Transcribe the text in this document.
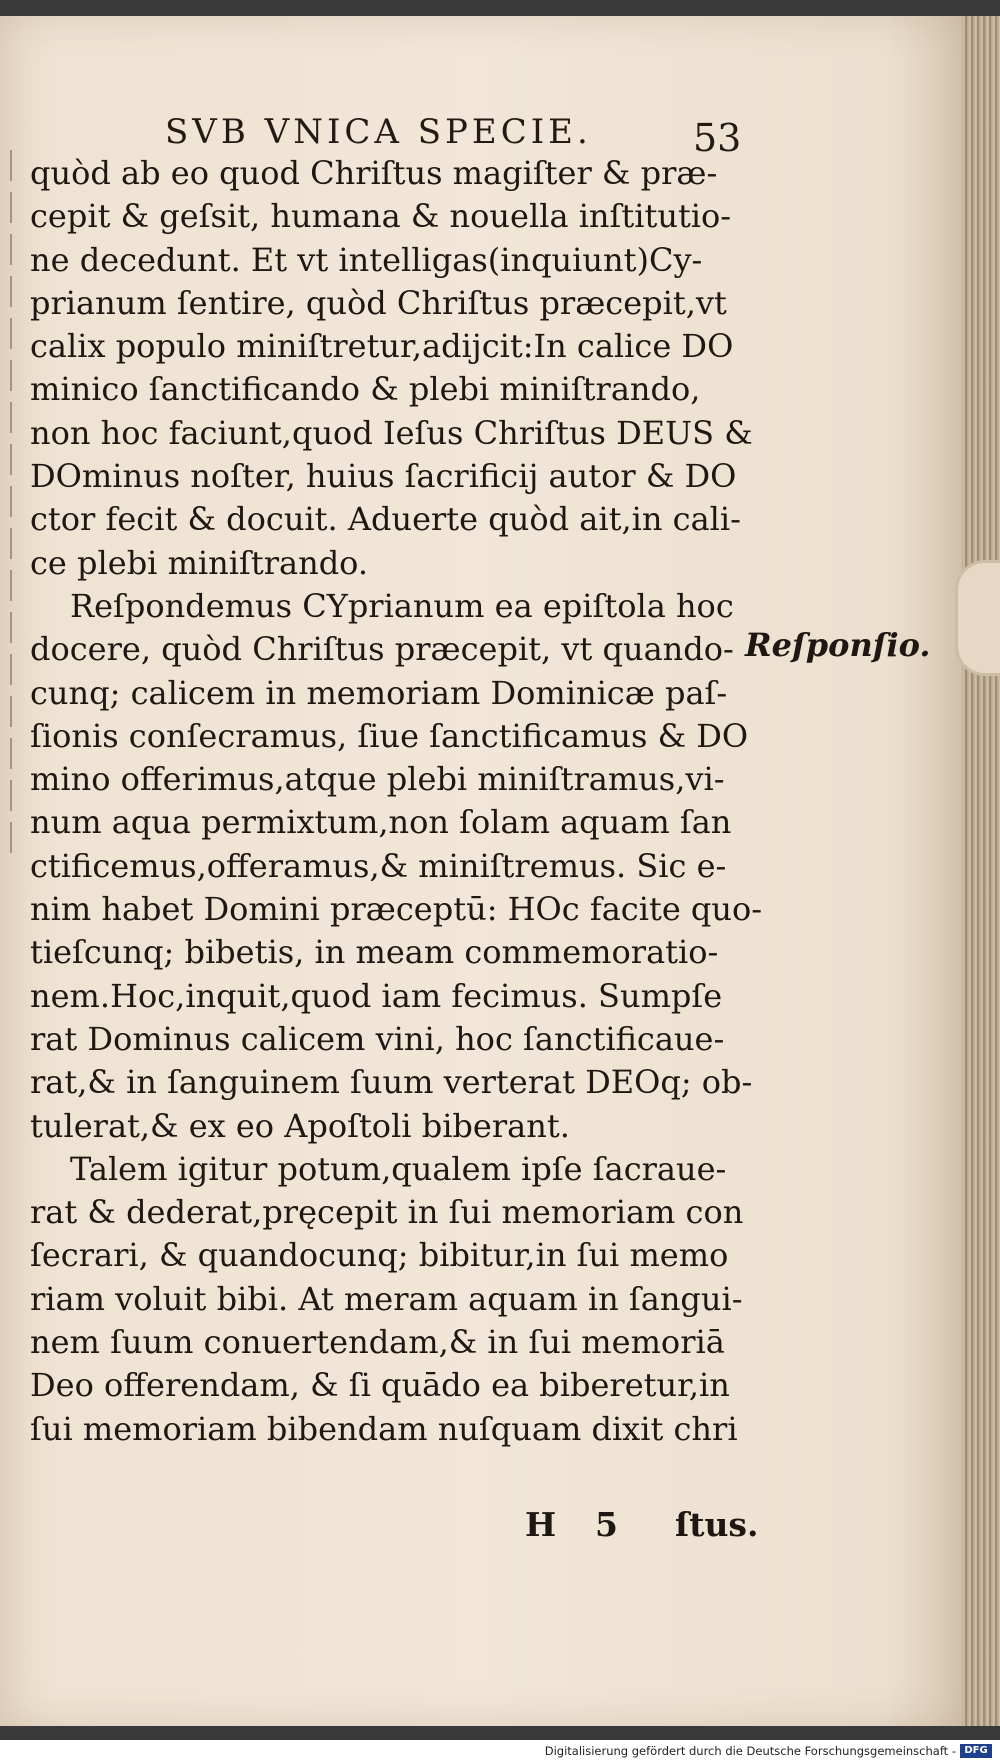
SVB VNICA SPECIE.	53
quòd ab eo quod Chriſtus magiſter & præ-
cepit & geſsit, humana & nouella inſtitutio-
ne decedunt. Et vt intelligas(inquiunt)Cy-
prianum ſentire, quòd Chriſtus præcepit,vt
calix populo miniſtretur,adijcit:In calice DO
minico ſanctificando & plebi miniſtrando,
non hoc faciunt,quod Ieſus Chriſtus DEUS &
DOminus noſter, huius ſacrificij autor & DO
ctor fecit & docuit. Aduerte quòd ait,in cali-
ce plebi miniſtrando.
Reſpondemus CYprianum ea epiſtola hoc
docere, quòd Chriſtus præcepit, vt quando-
cunq; calicem in memoriam Dominicæ paſ-
ſionis conſecramus, ſiue ſanctificamus & DO
mino offerimus,atque plebi miniſtramus,vi-
num aqua permixtum,non ſolam aquam ſan
ctificemus,offeramus,& miniſtremus. Sic e-
nim habet Domini præceptū: HOc facite quo-
tieſcunq; bibetis, in meam commemoratio-
nem.Hoc,inquit,quod iam fecimus. Sumpſe
rat Dominus calicem vini, hoc ſanctificaue-
rat,& in ſanguinem ſuum verterat DEOq; ob-
tulerat,& ex eo Apoſtoli biberant.
Talem igitur potum,qualem ipſe ſacraue-
rat & dederat,pręcepit in ſui memoriam con
ſecrari, & quandocunq; bibitur,in ſui memo
riam voluit bibi. At meram aquam in ſangui-
nem ſuum conuertendam,& in ſui memoriā
Deo offerendam, & ſi quādo ea biberetur,in
ſui memoriam bibendam nuſquam dixit chri
Reſponſio.
H 5 ſtus.
Digitalisierung gefördert durch die Deutsche Forschungsgemeinschaft - DFG
